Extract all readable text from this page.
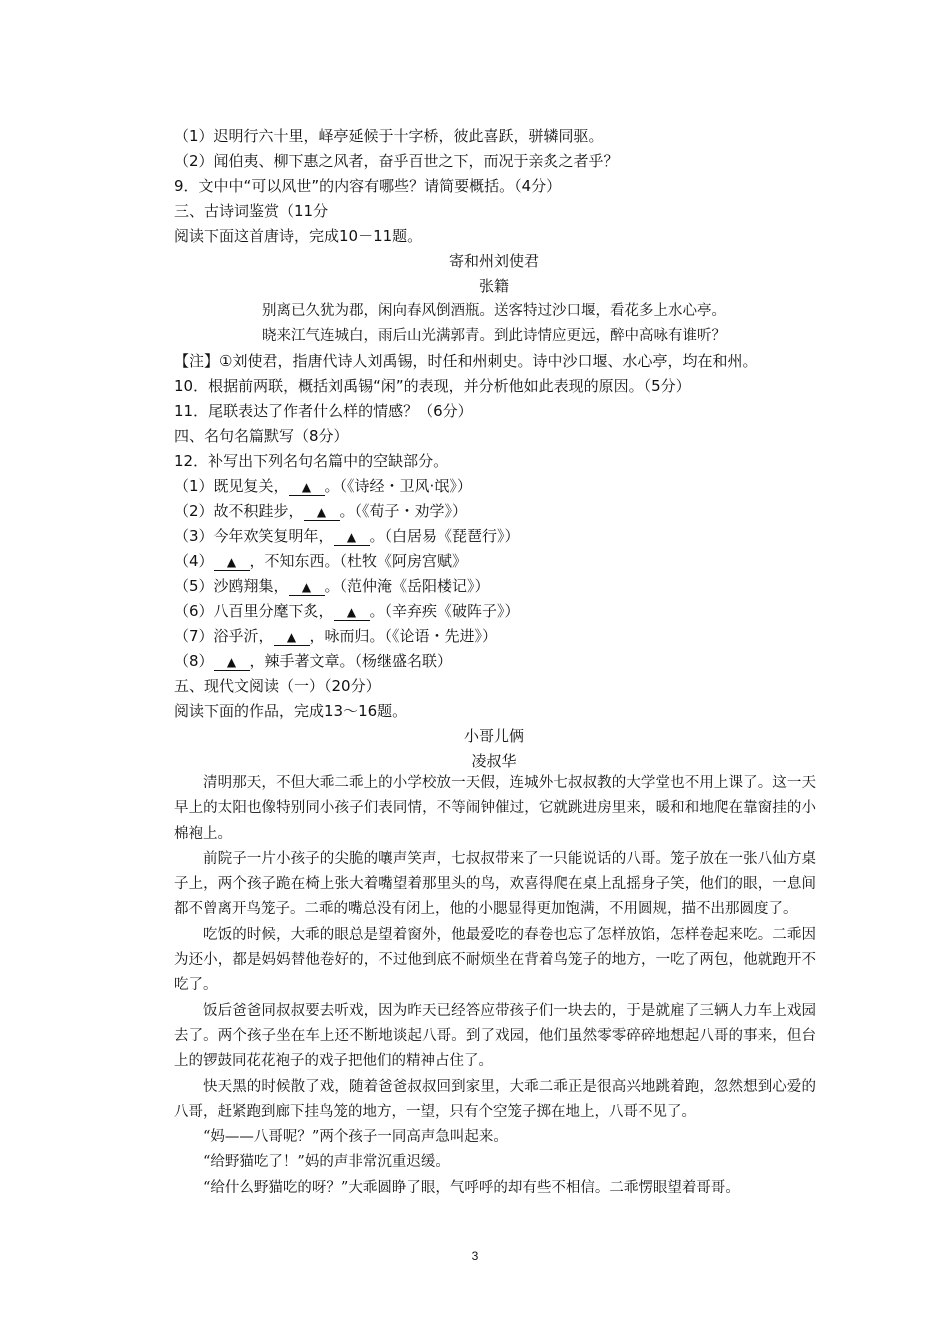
（1）迟明行六十里，峄亭延候于十字桥，彼此喜跃，骈辚同驱。
（2）闻伯夷、柳下惠之风者，奋乎百世之下，而况于亲炙之者乎？
9．文中中“可以风世”的内容有哪些？请简要概括。（4分）
三、古诗词鉴赏（11分
阅读下面这首唐诗，完成10－11题。
寄和州刘使君
张籍
别离已久犹为郡，闲向春风倒酒瓶。送客特过沙口堰，看花多上水心亭。
晓来江气连城白，雨后山光满郭青。到此诗情应更远，醉中高咏有谁听？
【注】①刘使君，指唐代诗人刘禹锡，时任和州刺史。诗中沙口堰、水心亭，均在和州。
10．根据前两联，概括刘禹锡“闲”的表现，并分析他如此表现的原因。（5分）
11．尾联表达了作者什么样的情感？（6分）
四、名句名篇默写（8分）
12．补写出下列名句名篇中的空缺部分。
（1）既见复关， ▲ 。（《诗经・卫风·氓》）
（2）故不积跬步， ▲ 。（《荀子・劝学》）
（3）今年欢笑复明年， ▲ 。（白居易《琵琶行》）
（4） ▲ ，不知东西。（杜牧《阿房宫赋》
（5）沙鸥翔集， ▲ 。（范仲淹《岳阳楼记》）
（6）八百里分麾下炙， ▲ 。（辛弃疾《破阵子》）
（7）浴乎沂， ▲ ，咏而归。（《论语・先进》）
（8） ▲ ，辣手著文章。（杨继盛名联）
五、现代文阅读（一）（20分）
阅读下面的作品，完成13～16题。
小哥儿俩
凌叔华

清明那天，不但大乖二乖上的小学校放一天假，连城外七叔叔教的大学堂也不用上课了。这一天早上的太阳也像特别同小孩子们表同情，不等闹钟催过，它就跳进房里来，暖和和地爬在靠窗挂的小棉袍上。

前院子一片小孩子的尖脆的嚷声笑声，七叔叔带来了一只能说话的八哥。笼子放在一张八仙方桌子上，两个孩子跪在椅上张大着嘴望着那里头的鸟，欢喜得爬在桌上乱摇身子笑，他们的眼，一息间都不曾离开鸟笼子。二乖的嘴总没有闭上，他的小腮显得更加饱满，不用圆规，描不出那圆度了。

吃饭的时候，大乖的眼总是望着窗外，他最爱吃的春卷也忘了怎样放馅，怎样卷起来吃。二乖因为还小，都是妈妈替他卷好的，不过他到底不耐烦坐在背着鸟笼子的地方，一吃了两包，他就跑开不吃了。

饭后爸爸同叔叔要去听戏，因为昨天已经答应带孩子们一块去的，于是就雇了三辆人力车上戏园去了。两个孩子坐在车上还不断地谈起八哥。到了戏园，他们虽然零零碎碎地想起八哥的事来，但台上的锣鼓同花花袍子的戏子把他们的精神占住了。

快天黑的时候散了戏，随着爸爸叔叔回到家里，大乖二乖正是很高兴地跳着跑，忽然想到心爱的八哥，赶紧跑到廊下挂鸟笼的地方，一望，只有个空笼子掷在地上，八哥不见了。

“妈——八哥呢？”两个孩子一同高声急叫起来。

“给野猫吃了！”妈的声非常沉重迟缓。

“给什么野猫吃的呀？”大乖圆睁了眼，气呼呼的却有些不相信。二乖愣眼望着哥哥。

3
